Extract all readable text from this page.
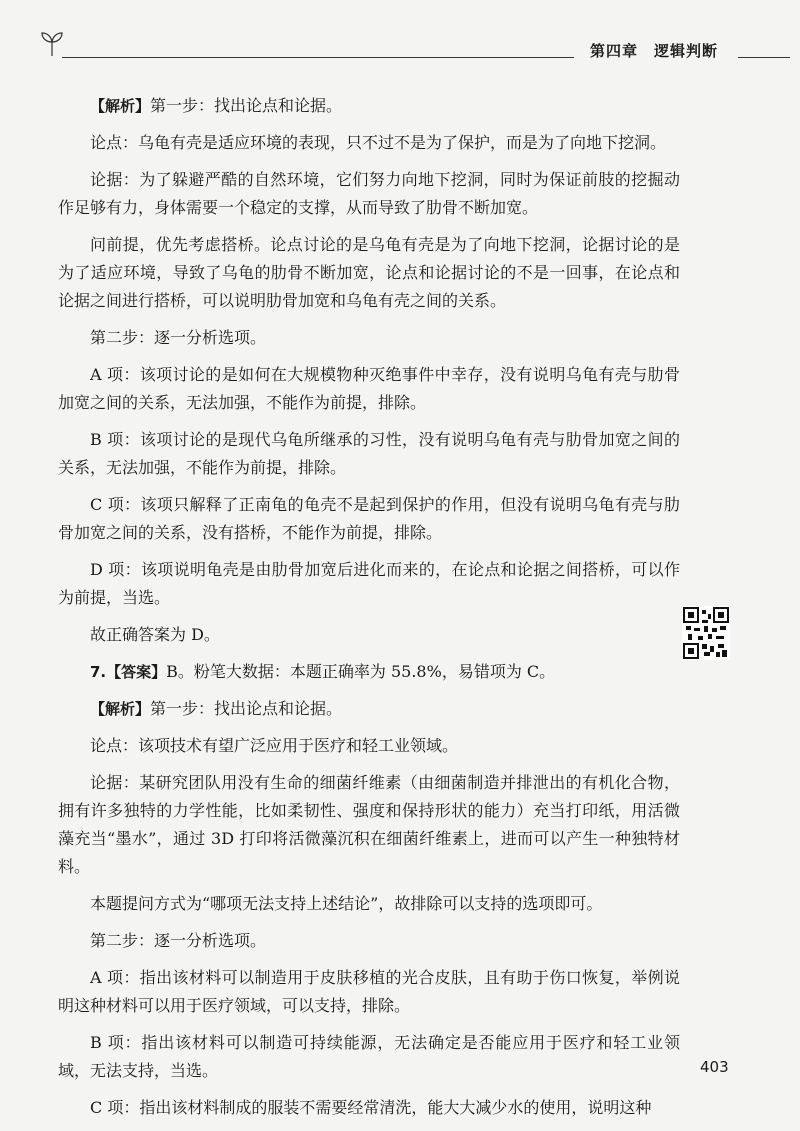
第四章　逻辑判断

【解析】第一步：找出论点和论据。

论点：乌龟有壳是适应环境的表现，只不过不是为了保护，而是为了向地下挖洞。

论据：为了躲避严酷的自然环境，它们努力向地下挖洞，同时为保证前肢的挖掘动作足够有力，身体需要一个稳定的支撑，从而导致了肋骨不断加宽。

问前提，优先考虑搭桥。论点讨论的是乌龟有壳是为了向地下挖洞，论据讨论的是为了适应环境，导致了乌龟的肋骨不断加宽，论点和论据讨论的不是一回事，在论点和论据之间进行搭桥，可以说明肋骨加宽和乌龟有壳之间的关系。

第二步：逐一分析选项。

A 项：该项讨论的是如何在大规模物种灭绝事件中幸存，没有说明乌龟有壳与肋骨加宽之间的关系，无法加强，不能作为前提，排除。

B 项：该项讨论的是现代乌龟所继承的习性，没有说明乌龟有壳与肋骨加宽之间的关系，无法加强，不能作为前提，排除。

C 项：该项只解释了正南龟的龟壳不是起到保护的作用，但没有说明乌龟有壳与肋骨加宽之间的关系，没有搭桥，不能作为前提，排除。

D 项：该项说明龟壳是由肋骨加宽后进化而来的，在论点和论据之间搭桥，可以作为前提，当选。

故正确答案为 D。

7.【答案】B。粉笔大数据：本题正确率为 55.8%，易错项为 C。

【解析】第一步：找出论点和论据。

论点：该项技术有望广泛应用于医疗和轻工业领域。

论据：某研究团队用没有生命的细菌纤维素（由细菌制造并排泄出的有机化合物，拥有许多独特的力学性能，比如柔韧性、强度和保持形状的能力）充当打印纸，用活微藻充当“墨水”，通过 3D 打印将活微藻沉积在细菌纤维素上，进而可以产生一种独特材料。

本题提问方式为“哪项无法支持上述结论”，故排除可以支持的选项即可。

第二步：逐一分析选项。

A 项：指出该材料可以制造用于皮肤移植的光合皮肤，且有助于伤口恢复，举例说明这种材料可以用于医疗领域，可以支持，排除。

B 项：指出该材料可以制造可持续能源，无法确定是否能应用于医疗和轻工业领域，无法支持，当选。

C 项：指出该材料制成的服装不需要经常清洗，能大大减少水的使用，说明这种

403
